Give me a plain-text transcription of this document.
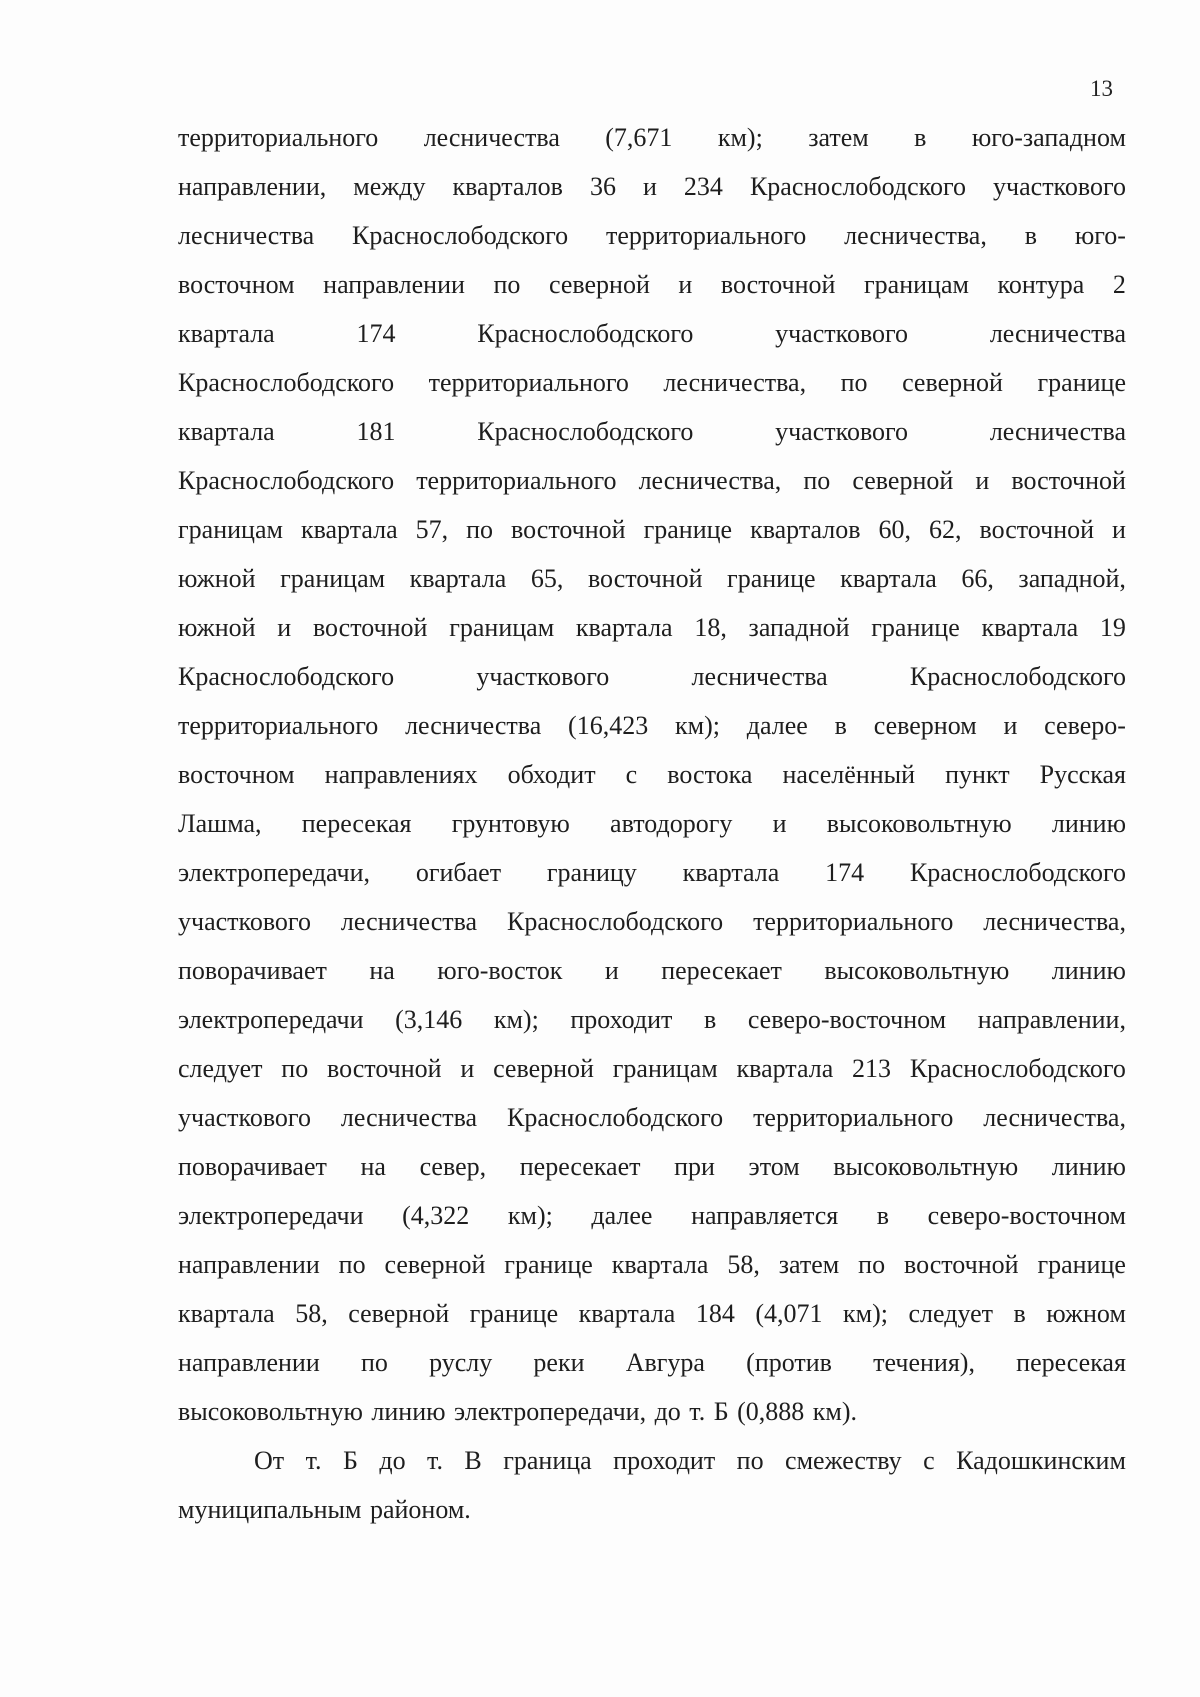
13
территориального лесничества (7,671 км); затем в юго-западном
направлении, между кварталов 36 и 234 Краснослободского участкового
лесничества Краснослободского территориального лесничества, в юго-
восточном направлении по северной и восточной границам контура 2
квартала	174	Краснослободского	участкового	лесничества
Краснослободского территориального лесничества, по северной границе
квартала	181	Краснослободского	участкового	лесничества
Краснослободского территориального лесничества, по северной и восточной
границам квартала 57, по восточной границе кварталов 60, 62, восточной и
южной границам квартала 65, восточной границе квартала 66, западной,
южной и восточной границам квартала 18, западной границе квартала 19
Краснослободского	участкового	лесничества	Краснослободского
территориального лесничества (16,423 км); далее в северном и северо-
восточном направлениях обходит с востока населённый пункт Русская
Лашма, пересекая грунтовую автодорогу и высоковольтную линию
электропередачи, огибает границу квартала 174 Краснослободского
участкового лесничества Краснослободского территориального лесничества,
поворачивает на юго-восток и пересекает высоковольтную линию
электропередачи (3,146 км); проходит в северо-восточном направлении,
следует по восточной и северной границам квартала 213 Краснослободского
участкового лесничества Краснослободского территориального лесничества,
поворачивает на север, пересекает при этом высоковольтную линию
электропередачи (4,322 км); далее направляется в северо-восточном
направлении по северной границе квартала 58, затем по восточной границе
квартала 58, северной границе квартала 184 (4,071 км); следует в южном
направлении по руслу реки Авгура (против течения), пересекая
высоковольтную линию электропередачи, до т. Б (0,888 км).
От т. Б до т. В граница проходит по смежеству с Кадошкинским
муниципальным районом.
